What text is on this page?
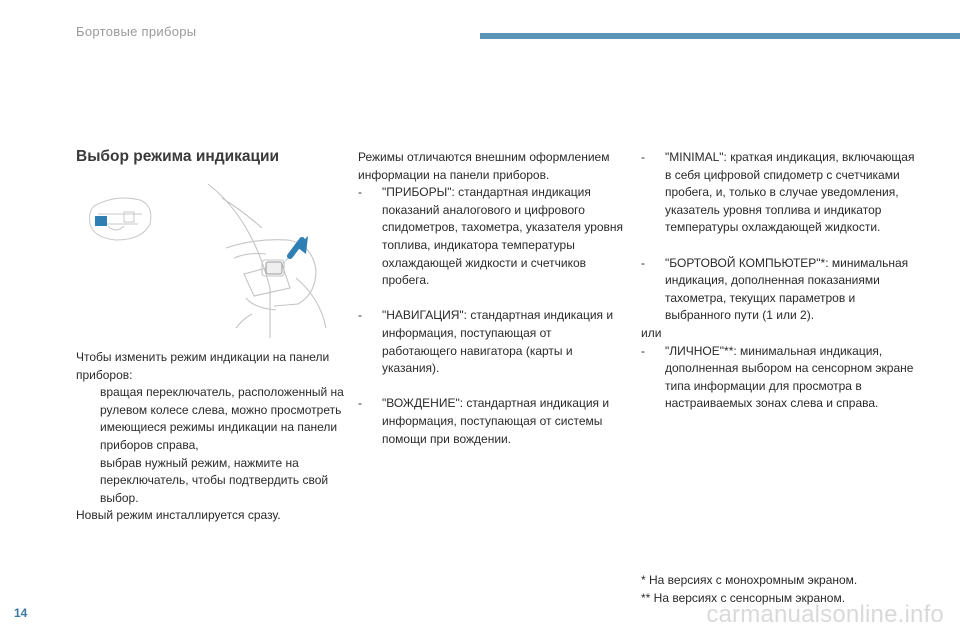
Бортовые приборы
Выбор режима индикации

Чтобы изменить режим индикации на панели приборов:

вращая переключатель, расположенный на рулевом колесе слева, можно просмотреть имеющиеся режимы индикации на панели приборов справа,
выбрав нужный режим, нажмите на переключатель, чтобы подтвердить свой выбор.

Новый режим инсталлируется сразу.

Режимы отличаются внешним оформлением информации на панели приборов.

- "ПРИБОРЫ": стандартная индикация показаний аналогового и цифрового спидометров, тахометра, указателя уровня топлива, индикатора температуры охлаждающей жидкости и счетчиков пробега.
- "НАВИГАЦИЯ": стандартная индикация и информация, поступающая от работающего навигатора (карты и указания).
- "ВОЖДЕНИЕ": стандартная индикация и информация, поступающая от системы помощи при вождении.
- "MINIMAL": краткая индикация, включающая в себя цифровой спидометр с счетчиками пробега, и, только в случае уведомления, указатель уровня топлива и индикатор температуры охлаждающей жидкости.
- "БОРТОВОЙ КОМПЬЮТЕР"*: минимальная индикация, дополненная показаниями тахометра, текущих параметров и выбранного пути (1 или 2).

или

- "ЛИЧНОЕ"**: минимальная индикация, дополненная выбором на сенсорном экране типа информации для просмотра в настраиваемых зонах слева и справа.

* На версиях с монохромным экраном.

** На версиях с сенсорным экраном.

14	carmanualsonline.info
